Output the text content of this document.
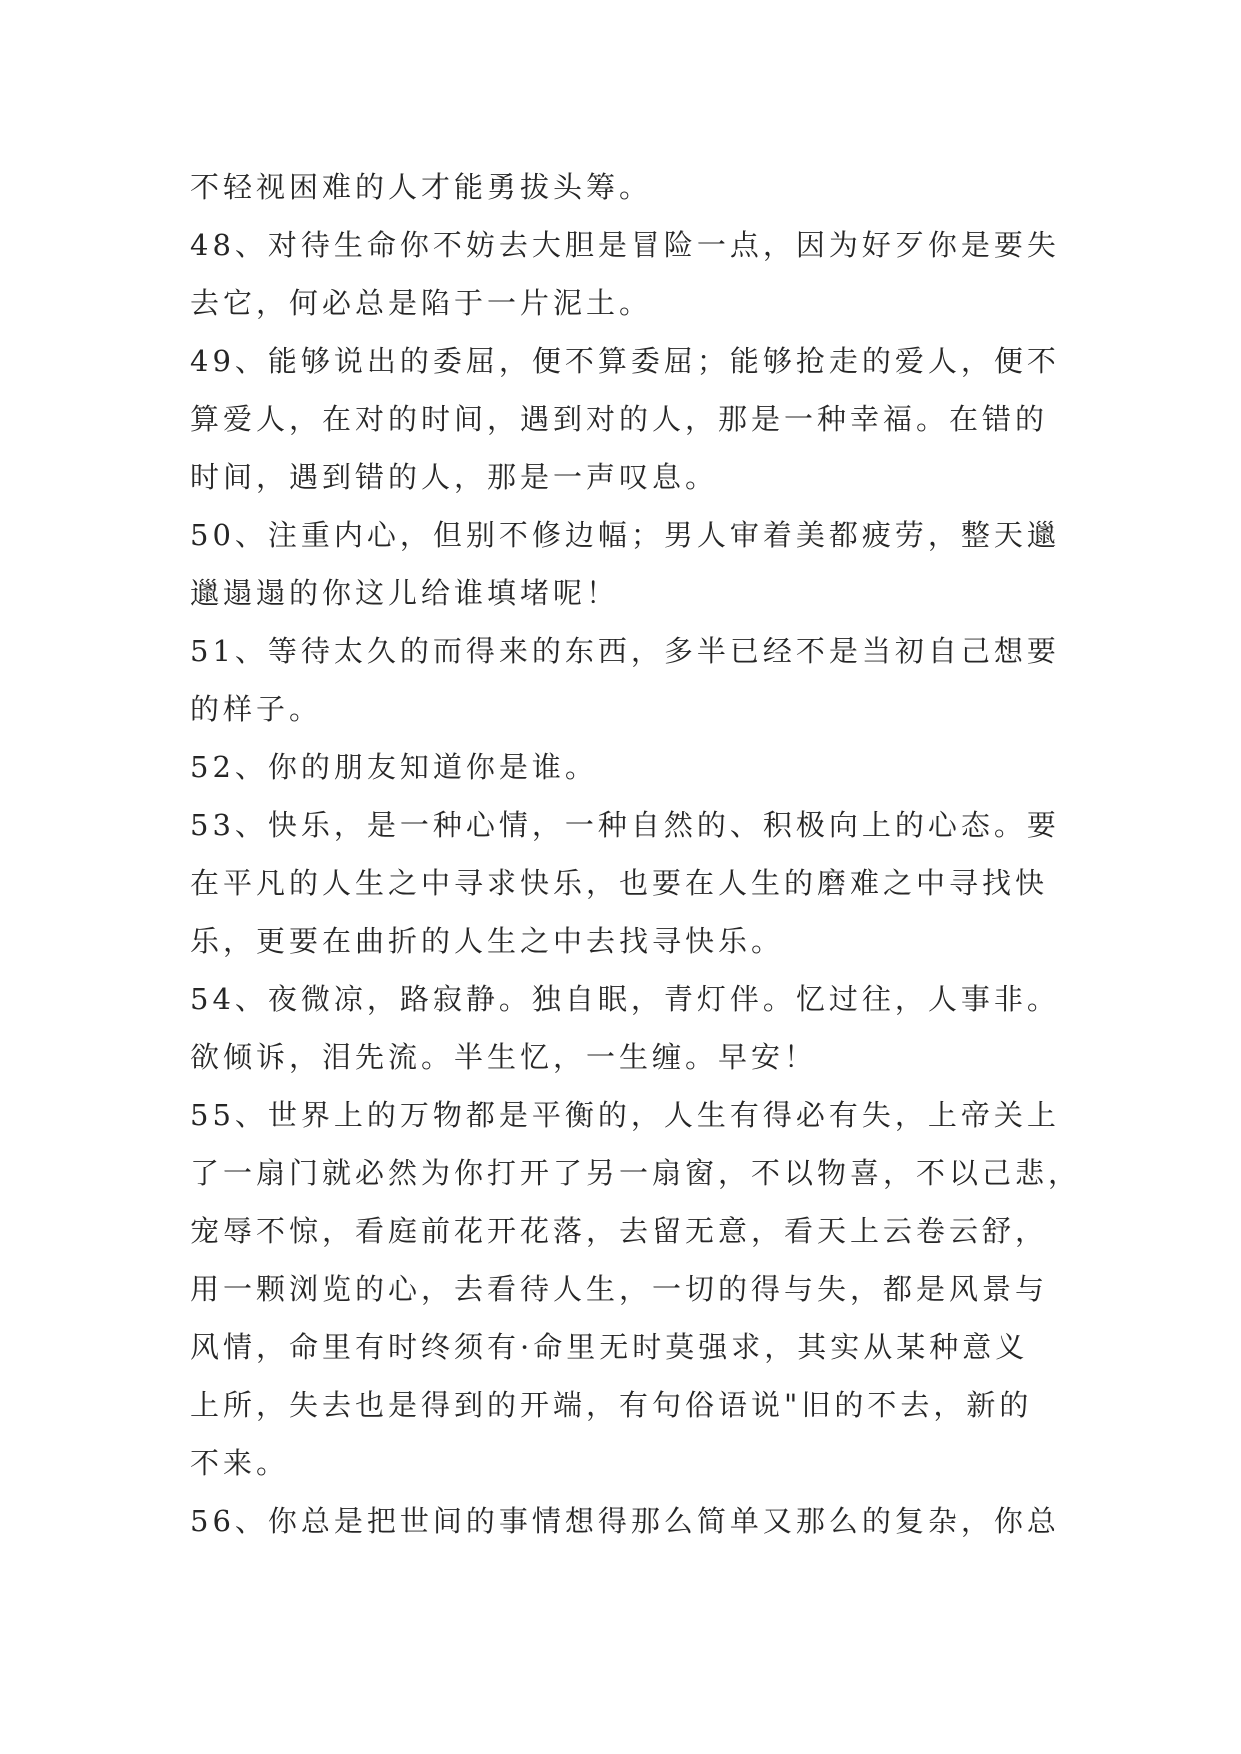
不轻视困难的人才能勇拔头筹。
48、对待生命你不妨去大胆是冒险一点，因为好歹你是要失
去它，何必总是陷于一片泥土。
49、能够说出的委屈，便不算委屈；能够抢走的爱人，便不
算爱人，在对的时间，遇到对的人，那是一种幸福。在错的
时间，遇到错的人，那是一声叹息。
50、注重内心，但别不修边幅；男人审着美都疲劳，整天邋
邋遢遢的你这儿给谁填堵呢！
51、等待太久的而得来的东西，多半已经不是当初自己想要
的样子。
52、你的朋友知道你是谁。
53、快乐，是一种心情，一种自然的、积极向上的心态。要
在平凡的人生之中寻求快乐，也要在人生的磨难之中寻找快
乐，更要在曲折的人生之中去找寻快乐。
54、夜微凉，路寂静。独自眠，青灯伴。忆过往，人事非。
欲倾诉，泪先流。半生忆，一生缠。早安！
55、世界上的万物都是平衡的，人生有得必有失，上帝关上
了一扇门就必然为你打开了另一扇窗，不以物喜，不以己悲，
宠辱不惊，看庭前花开花落，去留无意，看天上云卷云舒，
用一颗浏览的心，去看待人生，一切的得与失，都是风景与
风情，命里有时终须有·命里无时莫强求，其实从某种意义
上所，失去也是得到的开端，有句俗语说"旧的不去，新的
不来。
56、你总是把世间的事情想得那么简单又那么的复杂，你总
